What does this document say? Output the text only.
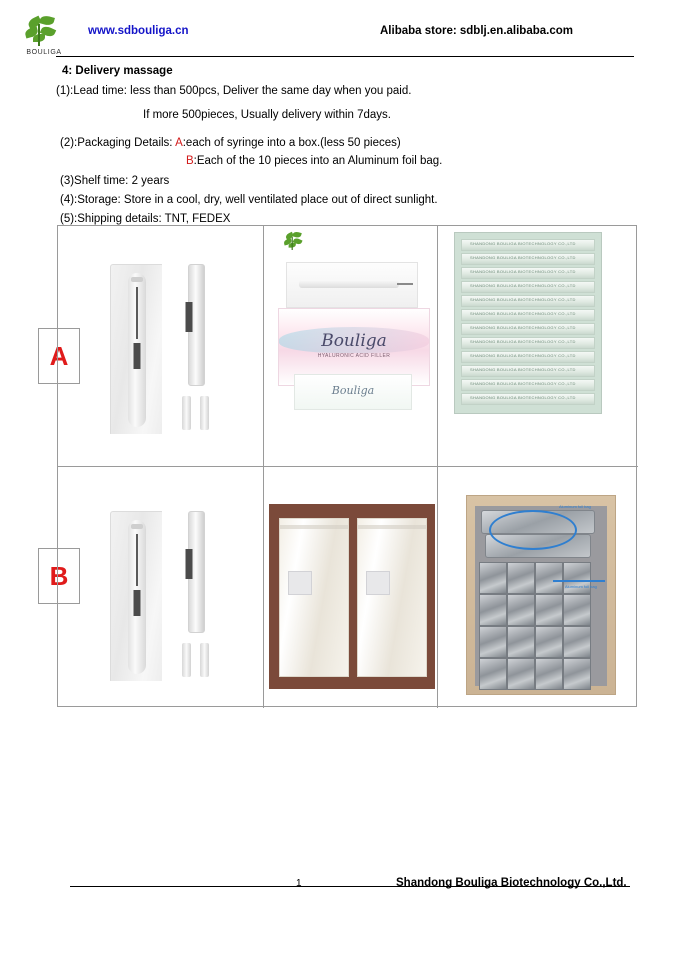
BOULIGA
www.sdbouliga.cn	Alibaba store: sdblj.en.alibaba.com
4: Delivery massage
(1):Lead time: less than 500pcs, Deliver the same day when you paid.
If more 500pieces, Usually delivery within 7days.
(2):Packaging Details: A:each of syringe into a box.(less 50 pieces)
B:Each of the 10 pieces into an Aluminum foil bag.
(3)Shelf time: 2 years
(4):Storage: Store in a cool, dry, well ventilated place out of direct sunlight.
(5):Shipping details: TNT, FEDEX
A
B
Bouliga
HYALURONIC ACID FILLER
Bouliga
SHANDONG BOULIGA BIOTECHNOLOGY CO.,LTD
SHANDONG BOULIGA BIOTECHNOLOGY CO.,LTD
SHANDONG BOULIGA BIOTECHNOLOGY CO.,LTD
SHANDONG BOULIGA BIOTECHNOLOGY CO.,LTD
SHANDONG BOULIGA BIOTECHNOLOGY CO.,LTD
SHANDONG BOULIGA BIOTECHNOLOGY CO.,LTD
SHANDONG BOULIGA BIOTECHNOLOGY CO.,LTD
SHANDONG BOULIGA BIOTECHNOLOGY CO.,LTD
SHANDONG BOULIGA BIOTECHNOLOGY CO.,LTD
SHANDONG BOULIGA BIOTECHNOLOGY CO.,LTD
SHANDONG BOULIGA BIOTECHNOLOGY CO.,LTD
SHANDONG BOULIGA BIOTECHNOLOGY CO.,LTD
Aluminum foil bag
Aluminum foil bag
1	Shandong Bouliga Biotechnology Co.,Ltd.
